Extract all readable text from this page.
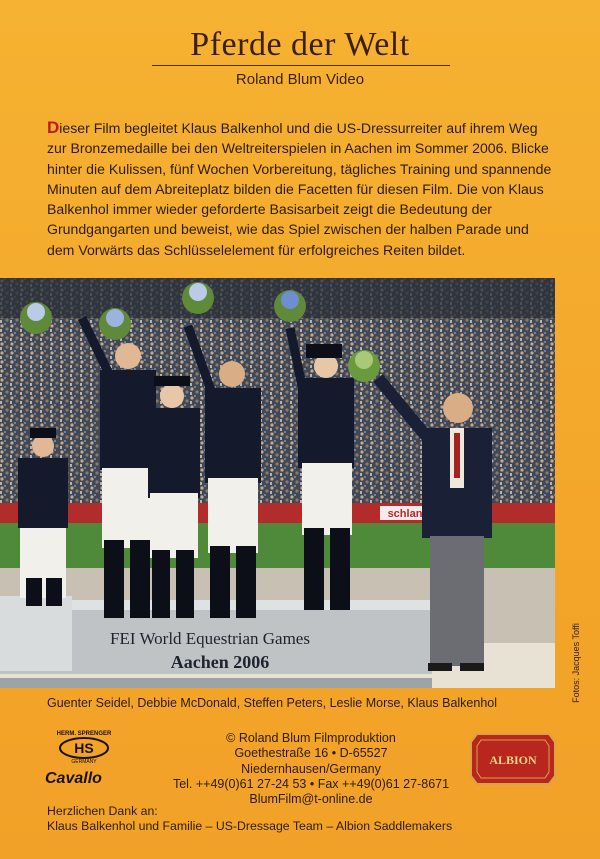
Pferde der Welt
Roland Blum Video
Dieser Film begleitet Klaus Balkenhol und die US-Dressurreiter auf ihrem Weg zur Bronzemedaille bei den Weltreiterspielen in Aachen im Sommer 2006. Blicke hinter die Kulissen, fünf Wochen Vorbereitung, tägliches Training und spannende Minuten auf dem Abreiteplatz bilden die Facetten für diesen Film. Die von Klaus Balkenhol immer wieder geforderte Basisarbeit zeigt die Bedeutung der Grundgangarten und beweist, wie das Spiel zwischen der halben Parade und dem Vorwärts das Schlüsselelement für erfolgreiches Reiten bildet.
schlan
FEI World Equestrian Games
Aachen 2006	Fotos: Jacques Toffi
Guenter Seidel, Debbie McDonald, Steffen Peters, Leslie Morse, Klaus Balkenhol
HERM. SPRENGER
HS
GERMANY
Cavallo
© Roland Blum Filmproduktion
Goethestraße 16 • D-65527 Niedernhausen/Germany
Tel. ++49(0)61 27-24 53 • Fax ++49(0)61 27-8671
BlumFilm@t-online.de
ALBION
Herzlichen Dank an:
Klaus Balkenhol und Familie – US-Dressage Team – Albion Saddlemakers
